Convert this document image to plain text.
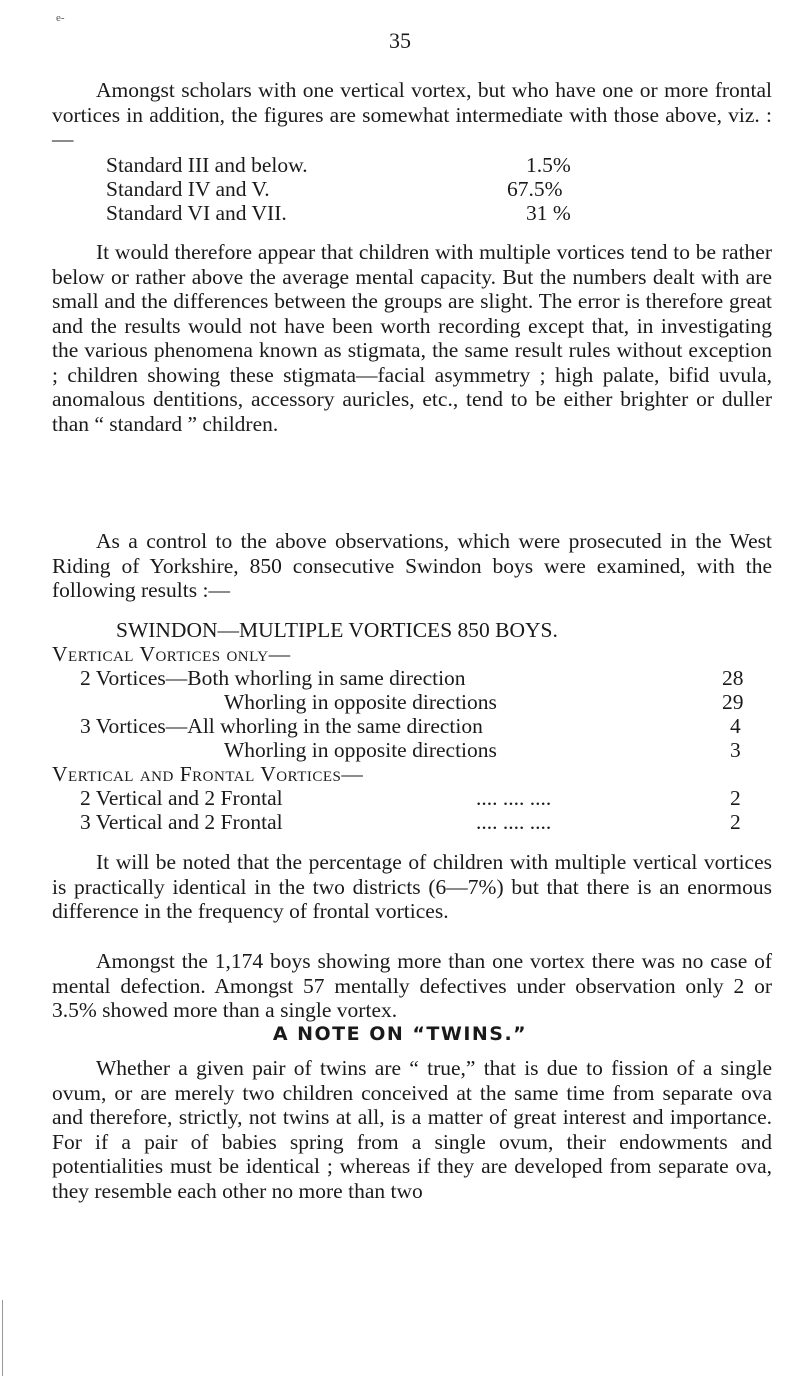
e-
35

Amongst scholars with one vertical vortex, but who have one or more frontal vortices in addition, the figures are somewhat intermediate with those above, viz. :—

Standard III and below.	1.5%
Standard IV and V.	67.5%
Standard VI and VII.	31 %

It would therefore appear that children with multiple vortices tend to be rather below or rather above the average mental capacity. But the numbers dealt with are small and the differences between the groups are slight. The error is therefore great and the results would not have been worth recording except that, in investigating the various phenomena known as stigmata, the same result rules without exception ; children showing these stigmata—facial asymmetry ; high palate, bifid uvula, anomalous dentitions, accessory auricles, etc., tend to be either brighter or duller than “ standard ” children.

As a control to the above observations, which were prosecuted in the West Riding of Yorkshire, 850 consecutive Swindon boys were examined, with the following results :—

SWINDON—MULTIPLE VORTICES 850 BOYS.
Vertical Vortices only—
2 Vortices—Both whorling in same direction	28
Whorling in opposite directions	29
3 Vortices—All whorling in the same direction	4
Whorling in opposite directions	3
Vertical and Frontal Vortices—
2 Vertical and 2 Frontal	.... .... ....	2
3 Vertical and 2 Frontal	.... .... ....	2

It will be noted that the percentage of children with multiple vertical vortices is practically identical in the two districts (6—7%) but that there is an enormous difference in the frequency of frontal vortices.

Amongst the 1,174 boys showing more than one vortex there was no case of mental defection. Amongst 57 mentally defectives under observation only 2 or 3.5% showed more than a single vortex.

A NOTE ON “TWINS.”

Whether a given pair of twins are “ true,” that is due to fission of a single ovum, or are merely two children conceived at the same time from separate ova and therefore, strictly, not twins at all, is a matter of great interest and importance. For if a pair of babies spring from a single ovum, their endowments and potentialities must be identical ; whereas if they are developed from separate ova, they resemble each other no more than two
